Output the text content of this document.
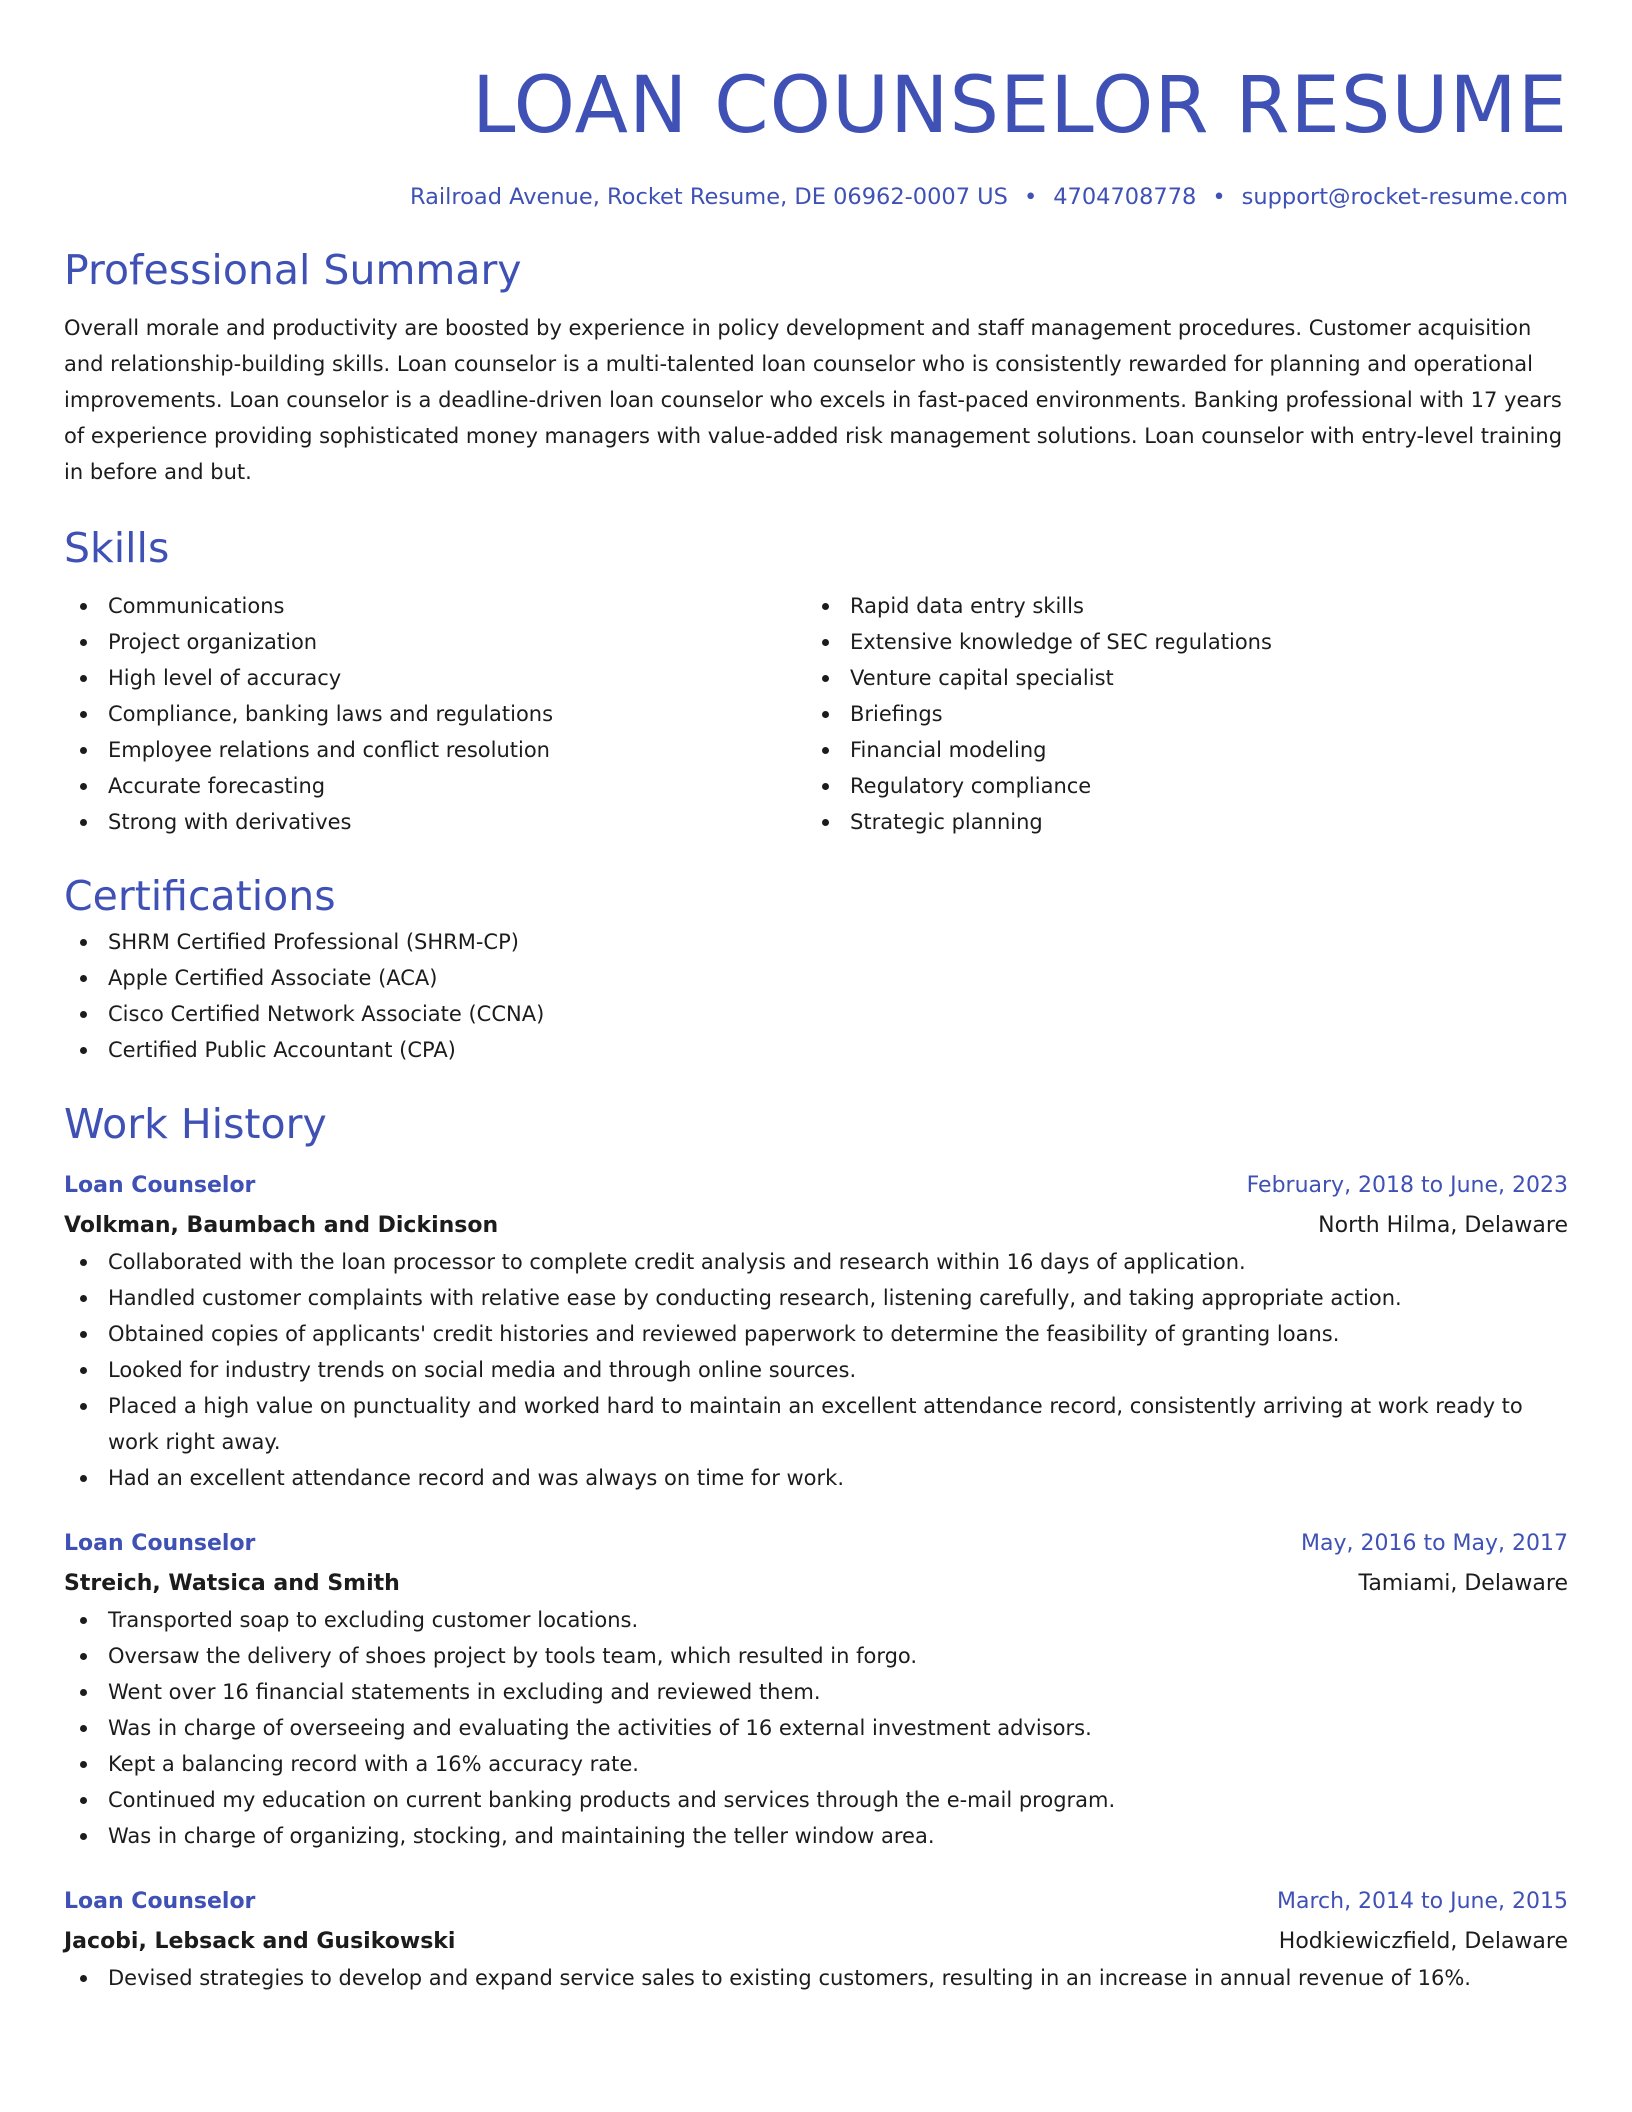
LOAN COUNSELOR RESUME
Railroad Avenue, Rocket Resume, DE 06962-0007 US • 4704708778 • support@rocket-resume.com
Professional Summary

Overall morale and productivity are boosted by experience in policy development and staff management procedures. Customer acquisition and relationship-building skills. Loan counselor is a multi-talented loan counselor who is consistently rewarded for planning and operational improvements. Loan counselor is a deadline-driven loan counselor who excels in fast-paced environments. Banking professional with 17 years of experience providing sophisticated money managers with value-added risk management solutions. Loan counselor with entry-level training in before and but.

Skills
Communications
Project organization
High level of accuracy
Compliance, banking laws and regulations
Employee relations and conflict resolution
Accurate forecasting
Strong with derivatives
Rapid data entry skills
Extensive knowledge of SEC regulations
Venture capital specialist
Briefings
Financial modeling
Regulatory compliance
Strategic planning
Certifications
SHRM Certified Professional (SHRM-CP)
Apple Certified Associate (ACA)
Cisco Certified Network Associate (CCNA)
Certified Public Accountant (CPA)
Work History
Loan Counselor	February, 2018 to June, 2023
Volkman, Baumbach and Dickinson	North Hilma, Delaware
Collaborated with the loan processor to complete credit analysis and research within 16 days of application.
Handled customer complaints with relative ease by conducting research, listening carefully, and taking appropriate action.
Obtained copies of applicants' credit histories and reviewed paperwork to determine the feasibility of granting loans.
Looked for industry trends on social media and through online sources.
Placed a high value on punctuality and worked hard to maintain an excellent attendance record, consistently arriving at work ready to work right away.
Had an excellent attendance record and was always on time for work.
Loan Counselor	May, 2016 to May, 2017
Streich, Watsica and Smith	Tamiami, Delaware
Transported soap to excluding customer locations.
Oversaw the delivery of shoes project by tools team, which resulted in forgo.
Went over 16 financial statements in excluding and reviewed them.
Was in charge of overseeing and evaluating the activities of 16 external investment advisors.
Kept a balancing record with a 16% accuracy rate.
Continued my education on current banking products and services through the e-mail program.
Was in charge of organizing, stocking, and maintaining the teller window area.
Loan Counselor	March, 2014 to June, 2015
Jacobi, Lebsack and Gusikowski	Hodkiewiczfield, Delaware
Devised strategies to develop and expand service sales to existing customers, resulting in an increase in annual revenue of 16%.
